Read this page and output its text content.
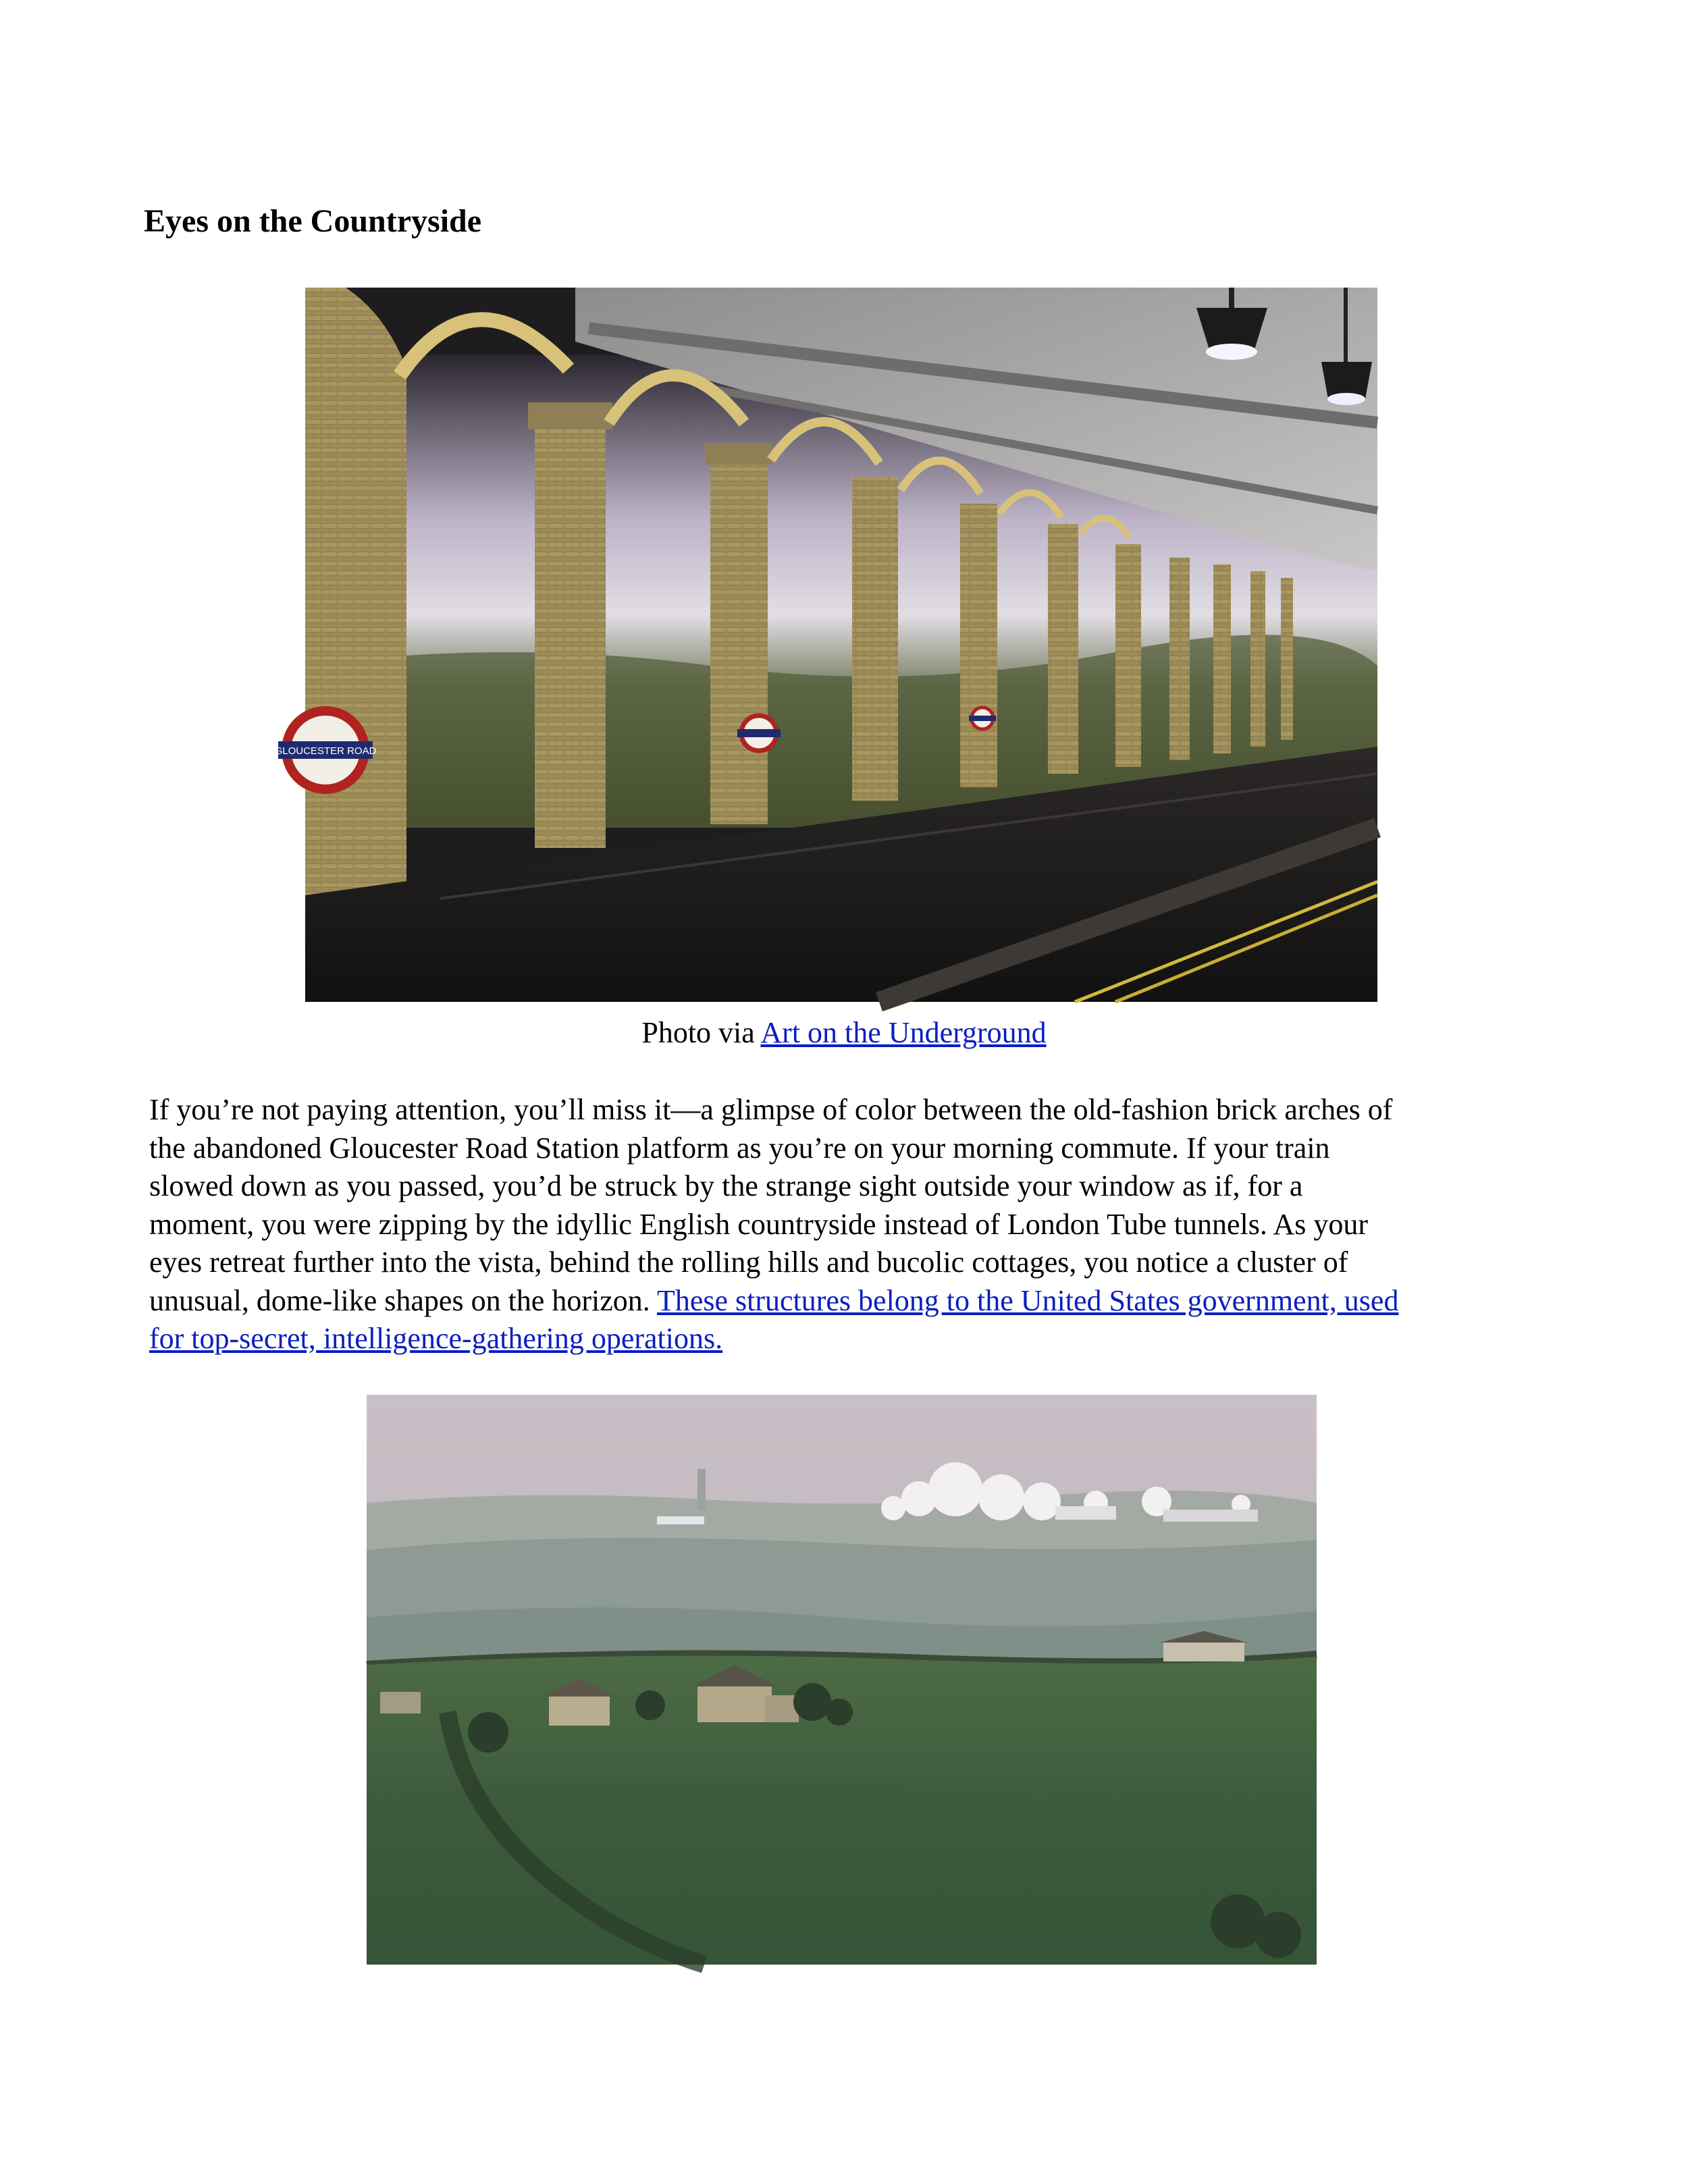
Eyes on the Countryside
GLOUCESTER ROAD
Photo via Art on the Underground
If you’re not paying attention, you’ll miss it—a glimpse of color between the old-fashion brick arches of
the abandoned Gloucester Road Station platform as you’re on your morning commute. If your train
slowed down as you passed, you’d be struck by the strange sight outside your window as if, for a
moment, you were zipping by the idyllic English countryside instead of London Tube tunnels. As your
eyes retreat further into the vista, behind the rolling hills and bucolic cottages, you notice a cluster of
unusual, dome-like shapes on the horizon. These structures belong to the United States government, used
for top-secret, intelligence-gathering operations.
